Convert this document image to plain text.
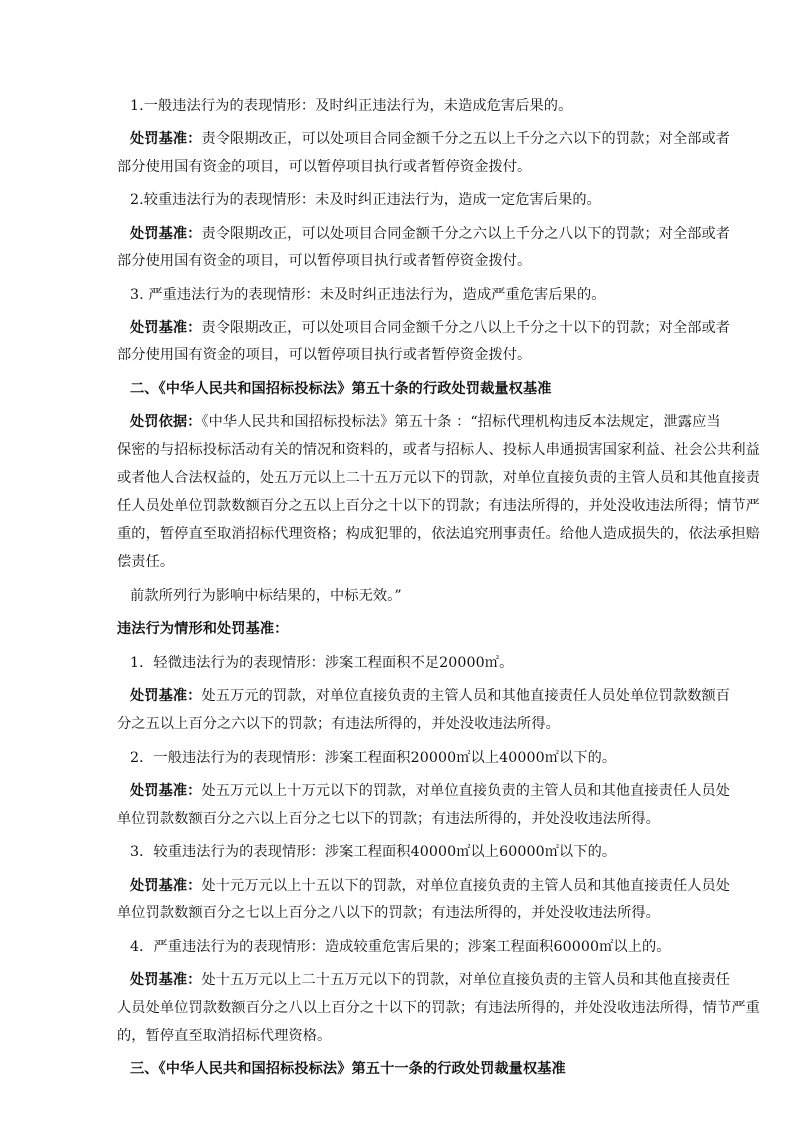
1.一般违法行为的表现情形：及时纠正违法行为，未造成危害后果的。
处罚基准：责令限期改正，可以处项目合同金额千分之五以上千分之六以下的罚款；对全部或者
部分使用国有资金的项目，可以暂停项目执行或者暂停资金拨付。
2.较重违法行为的表现情形：未及时纠正违法行为，造成一定危害后果的。
处罚基准：责令限期改正，可以处项目合同金额千分之六以上千分之八以下的罚款；对全部或者
部分使用国有资金的项目，可以暂停项目执行或者暂停资金拨付。
3. 严重违法行为的表现情形：未及时纠正违法行为，造成严重危害后果的。
处罚基准：责令限期改正，可以处项目合同金额千分之八以上千分之十以下的罚款；对全部或者
部分使用国有资金的项目，可以暂停项目执行或者暂停资金拨付。
二、《中华人民共和国招标投标法》第五十条的行政处罚裁量权基准
处罚依据：《中华人民共和国招标投标法》第五十条 ：“招标代理机构违反本法规定，泄露应当
保密的与招标投标活动有关的情况和资料的，或者与招标人、投标人串通损害国家利益、社会公共利益
或者他人合法权益的，处五万元以上二十五万元以下的罚款，对单位直接负责的主管人员和其他直接责
任人员处单位罚款数额百分之五以上百分之十以下的罚款；有违法所得的，并处没收违法所得；情节严
重的，暂停直至取消招标代理资格；构成犯罪的，依法追究刑事责任。给他人造成损失的，依法承担赔
偿责任。
前款所列行为影响中标结果的，中标无效。”
违法行为情形和处罚基准：
1．轻微违法行为的表现情形：涉案工程面积不足20000㎡。
处罚基准：处五万元的罚款，对单位直接负责的主管人员和其他直接责任人员处单位罚款数额百
分之五以上百分之六以下的罚款；有违法所得的，并处没收违法所得。
2．一般违法行为的表现情形：涉案工程面积20000㎡以上40000㎡以下的。
处罚基准：处五万元以上十万元以下的罚款，对单位直接负责的主管人员和其他直接责任人员处
单位罚款数额百分之六以上百分之七以下的罚款；有违法所得的，并处没收违法所得。
3．较重违法行为的表现情形：涉案工程面积40000㎡以上60000㎡以下的。
处罚基准：处十元万元以上十五以下的罚款，对单位直接负责的主管人员和其他直接责任人员处
单位罚款数额百分之七以上百分之八以下的罚款；有违法所得的，并处没收违法所得。
4．严重违法行为的表现情形：造成较重危害后果的；涉案工程面积60000㎡以上的。
处罚基准：处十五万元以上二十五万元以下的罚款，对单位直接负责的主管人员和其他直接责任
人员处单位罚款数额百分之八以上百分之十以下的罚款；有违法所得的，并处没收违法所得，情节严重
的，暂停直至取消招标代理资格。
三、《中华人民共和国招标投标法》第五十一条的行政处罚裁量权基准
